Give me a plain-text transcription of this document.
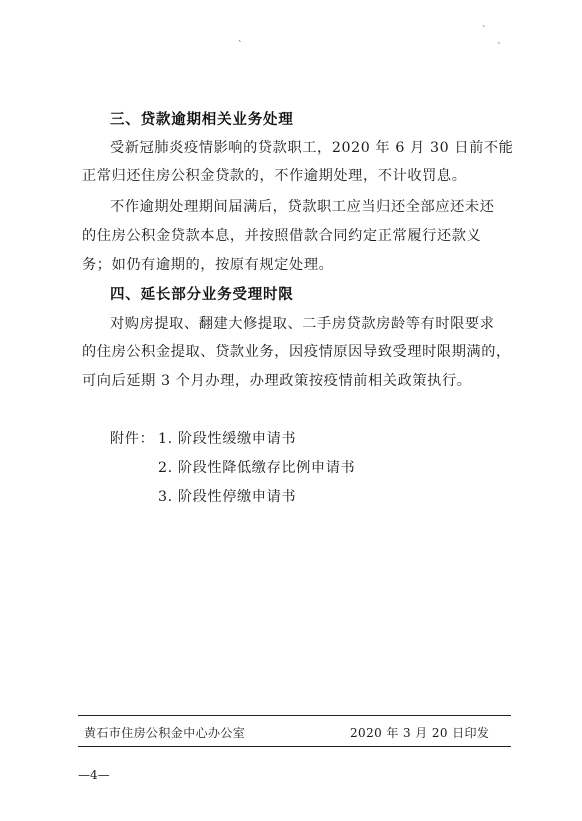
ˋ
ˋ
ˋ
三、贷款逾期相关业务处理
受新冠肺炎疫情影响的贷款职工，2020 年 6 月 30 日前不能
正常归还住房公积金贷款的，不作逾期处理，不计收罚息。
不作逾期处理期间届满后，贷款职工应当归还全部应还未还
的住房公积金贷款本息，并按照借款合同约定正常履行还款义
务；如仍有逾期的，按原有规定处理。
四、延长部分业务受理时限
对购房提取、翻建大修提取、二手房贷款房龄等有时限要求
的住房公积金提取、贷款业务，因疫情原因导致受理时限期满的，
可向后延期 3 个月办理，办理政策按疫情前相关政策执行。
附件： 1. 阶段性缓缴申请书
2. 阶段性降低缴存比例申请书
3. 阶段性停缴申请书
黄石市住房公积金中心办公室	2020 年 3 月 20 日印发
—4—
